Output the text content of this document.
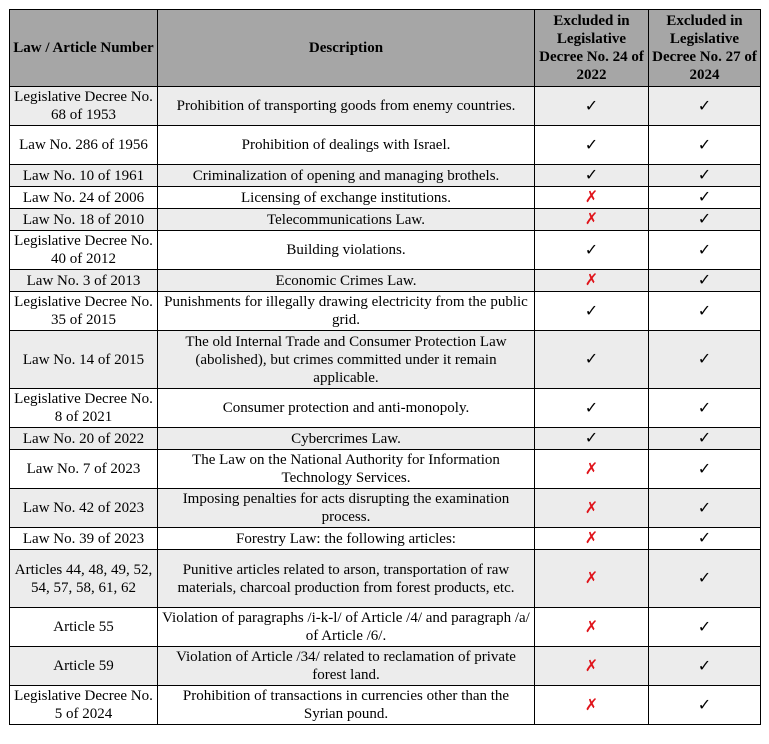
Law / Article Number	Description	Excluded in Legislative Decree No. 24 of 2022	Excluded in Legislative Decree No. 27 of 2024
Legislative Decree No. 68 of 1953	Prohibition of transporting goods from enemy countries.	✓	✓
Law No. 286 of 1956	Prohibition of dealings with Israel.	✓	✓
Law No. 10 of 1961	Criminalization of opening and managing brothels.	✓	✓
Law No. 24 of 2006	Licensing of exchange institutions.	✗	✓
Law No. 18 of 2010	Telecommunications Law.	✗	✓
Legislative Decree No. 40 of 2012	Building violations.	✓	✓
Law No. 3 of 2013	Economic Crimes Law.	✗	✓
Legislative Decree No. 35 of 2015	Punishments for illegally drawing electricity from the public grid.	✓	✓
Law No. 14 of 2015	The old Internal Trade and Consumer Protection Law (abolished), but crimes committed under it remain applicable.	✓	✓
Legislative Decree No. 8 of 2021	Consumer protection and anti-monopoly.	✓	✓
Law No. 20 of 2022	Cybercrimes Law.	✓	✓
Law No. 7 of 2023	The Law on the National Authority for Information Technology Services.	✗	✓
Law No. 42 of 2023	Imposing penalties for acts disrupting the examination process.	✗	✓
Law No. 39 of 2023	Forestry Law: the following articles:	✗	✓
Articles 44, 48, 49, 52, 54, 57, 58, 61, 62	Punitive articles related to arson, transportation of raw materials, charcoal production from forest products, etc.	✗	✓
Article 55	Violation of paragraphs /i-k-l/ of Article /4/ and paragraph /a/ of Article /6/.	✗	✓
Article 59	Violation of Article /34/ related to reclamation of private forest land.	✗	✓
Legislative Decree No. 5 of 2024	Prohibition of transactions in currencies other than the Syrian pound.	✗	✓
